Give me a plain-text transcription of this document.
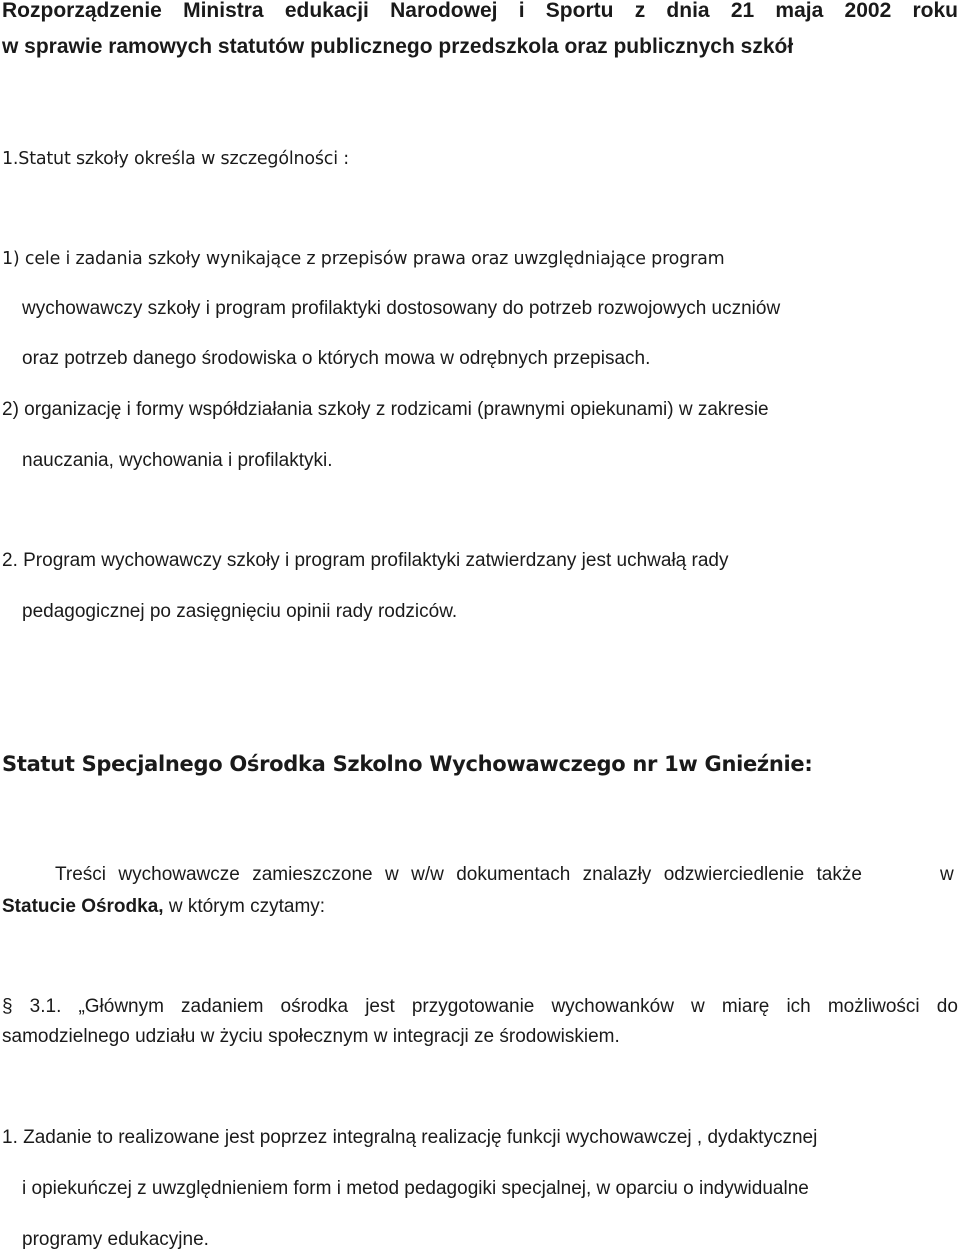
Rozporządzenie Ministra edukacji Narodowej i Sportu z dnia 21 maja 2002 roku
w sprawie ramowych statutów publicznego przedszkola oraz publicznych szkół
1.Statut szkoły określa w szczególności :
1) cele i zadania szkoły wynikające z przepisów prawa oraz uwzględniające program
wychowawczy szkoły i program profilaktyki dostosowany do potrzeb rozwojowych uczniów
oraz potrzeb danego środowiska o których mowa w odrębnych przepisach.
2) organizację i formy współdziałania szkoły z rodzicami (prawnymi opiekunami) w zakresie
nauczania, wychowania i profilaktyki.
2. Program wychowawczy szkoły i program profilaktyki zatwierdzany jest uchwałą rady
pedagogicznej po zasięgnięciu opinii rady rodziców.
Statut Specjalnego Ośrodka Szkolno Wychowawczego nr 1w Gnieźnie:
Treści wychowawcze zamieszczone w w/w dokumentach znalazły odzwierciedlenie także	w
Statucie Ośrodka, w którym czytamy:
§ 3.1. „Głównym zadaniem ośrodka jest przygotowanie wychowanków w miarę ich możliwości do
samodzielnego udziału w życiu społecznym w integracji ze środowiskiem.
1. Zadanie to realizowane jest poprzez integralną realizację funkcji wychowawczej , dydaktycznej
i opiekuńczej z uwzględnieniem form i metod pedagogiki specjalnej, w oparciu o indywidualne
programy edukacyjne.
